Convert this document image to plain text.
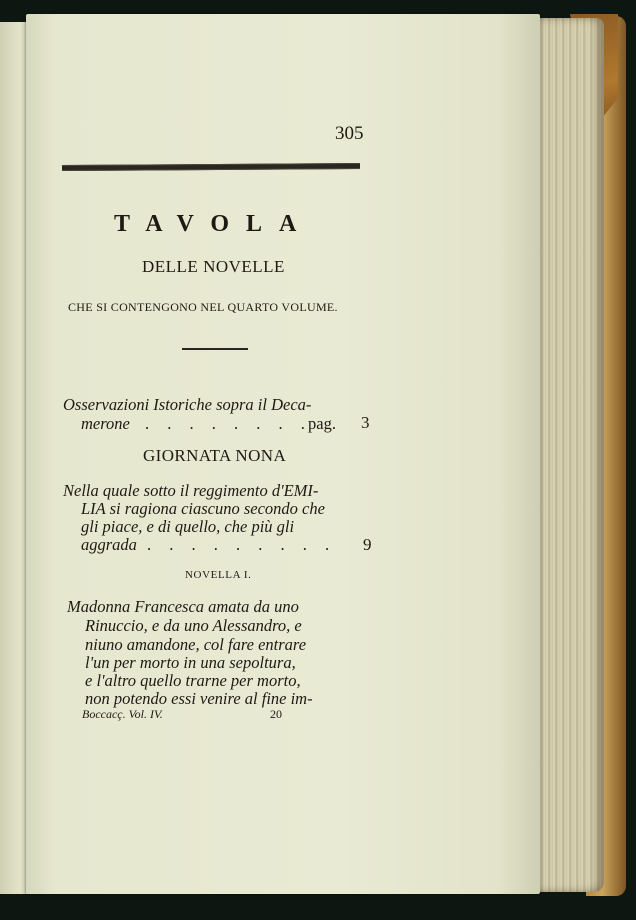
305
TAVOLA
DELLE NOVELLE
CHE SI CONTENGONO NEL QUARTO VOLUME.
Osservazioni Istoriche sopra il Deca-
merone . . . . . . . .
pag. 3
GIORNATA NONA
Nella quale sotto il reggimento d'EMI-
LIA si ragiona ciascuno secondo che
gli piace, e di quello, che più gli
aggrada . . . . . . . . . 9
NOVELLA I.
Madonna Francesca amata da uno
Rinuccio, e da uno Alessandro, e
niuno amandone, col fare entrare
l'un per morto in una sepoltura,
e l'altro quello trarne per morto,
non potendo essi venire al fine im-
Boccacç. Vol. IV.	20
